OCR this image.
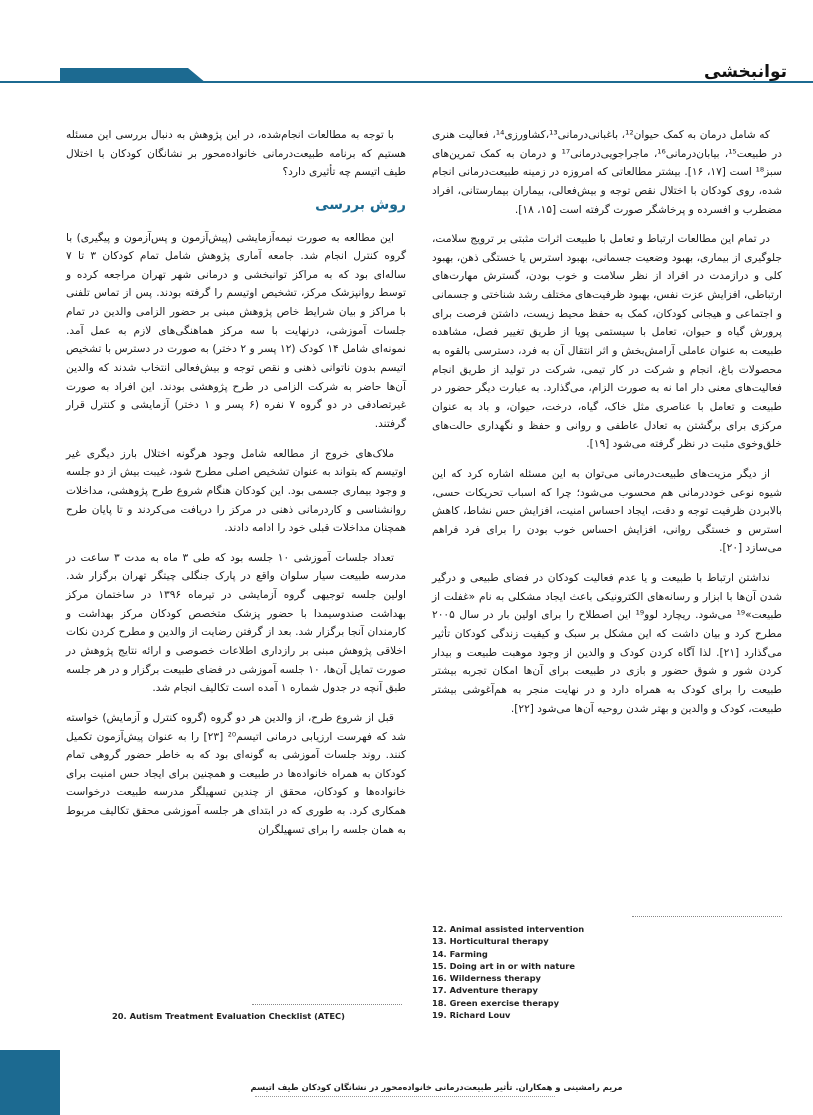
توانبخشی

که شامل درمان به کمک حیوان¹²، باغبانی‌درمانی¹³،کشاورزی¹⁴، فعالیت هنری در طبیعت¹⁵، بیابان‌درمانی¹⁶، ماجراجویی‌درمانی¹⁷ و درمان به کمک تمرین‌های سبز¹⁸ است [۱۷، ۱۶]. بیشتر مطالعاتی که امروزه در زمینه طبیعت‌درمانی انجام شده، روی کودکان با اختلال نقص توجه و بیش‌فعالی، بیماران بیمارستانی، افراد مضطرب و افسرده و پرخاشگر صورت گرفته است [۱۵، ۱۸].

در تمام این مطالعات ارتباط و تعامل با طبیعت اثرات مثبتی بر ترویج سلامت، جلوگیری از بیماری، بهبود وضعیت جسمانی، بهبود استرس یا خستگی ذهن، بهبود کلی و درازمدت در افراد از نظر سلامت و خوب بودن، گسترش مهارت‌های ارتباطی، افزایش عزت نفس، بهبود ظرفیت‌های مختلف رشد شناختی و جسمانی و اجتماعی و هیجانی کودکان، کمک به حفظ محیط زیست، داشتن فرصت برای پرورش گیاه و حیوان، تعامل با سیستمی پویا از طریق تغییر فصل، مشاهده طبیعت به عنوان عاملی آرامش‌بخش و اثر انتقال آن به فرد، دسترسی بالقوه به محصولات باغ، انجام و شرکت در کار تیمی، شرکت در تولید از طریق انجام فعالیت‌های معنی دار اما نه به صورت الزام، می‌گذارد. به عبارت دیگر حضور در طبیعت و تعامل با عناصری مثل خاک، گیاه، درخت، حیوان، و باد به عنوان مرکزی برای برگشتن به تعادل عاطفی و روانی و حفظ و نگهداری حالت‌های خلق‌وخوی مثبت در نظر گرفته می‌شود [۱۹].

از دیگر مزیت‌های طبیعت‌درمانی می‌توان به این مسئله اشاره کرد که این شیوه نوعی خوددرمانی هم محسوب می‌شود؛ چرا که اسباب تحریکات حسی، بالابردن ظرفیت توجه و دقت، ایجاد احساس امنیت، افزایش حس نشاط، کاهش استرس و خستگی روانی، افزایش احساس خوب بودن را برای فرد فراهم می‌سازد [۲۰].

نداشتن ارتباط با طبیعت و یا عدم فعالیت کودکان در فضای طبیعی و درگیر شدن آن‌ها با ابزار و رسانه‌های الکترونیکی باعث ایجاد مشکلی به نام «غفلت از طبیعت»¹⁹ می‌شود. ریچارد لوو¹⁹ این اصطلاح را برای اولین بار در سال ۲۰۰۵ مطرح کرد و بیان داشت که این مشکل بر سبک و کیفیت زندگی کودکان تأثیر می‌گذارد [۲۱]. لذا آگاه کردن کودک و والدین از وجود موهبت طبیعت و بیدار کردن شور و شوق حضور و بازی در طبیعت برای آن‌ها امکان تجربه بیشتر طبیعت را برای کودک به همراه دارد و در نهایت منجر به هم‌آغوشی بیشتر طبیعت، کودک و والدین و بهتر شدن روحیه آن‌ها می‌شود [۲۲].

12. Animal assisted intervention
13. Horticultural therapy
14. Farming
15. Doing art in or with nature
16. Wilderness therapy
17. Adventure therapy
18. Green exercise therapy
19. Richard Louv

با توجه به مطالعات انجام‌شده، در این پژوهش به دنبال بررسی این مسئله هستیم که برنامه طبیعت‌درمانی خانواده‌محور بر نشانگان کودکان با اختلال طیف اتیسم چه تأثیری دارد؟

روش بررسی

این مطالعه به صورت نیمه‌آزمایشی (پیش‌آزمون و پس‌آزمون و پیگیری) با گروه کنترل انجام شد. جامعه آماری پژوهش شامل تمام کودکان ۳ تا ۷ ساله‌ای بود که به مراکز توانبخشی و درمانی شهر تهران مراجعه کرده و توسط روانپزشک مرکز، تشخیص اوتیسم را گرفته بودند. پس از تماس تلفنی با مراکز و بیان شرایط خاص پژوهش مبنی بر حضور الزامی والدین در تمام جلسات آموزشی، درنهایت با سه مرکز هماهنگی‌های لازم به عمل آمد. نمونه‌ای شامل ۱۴ کودک (۱۲ پسر و ۲ دختر) به صورت در دسترس با تشخیص اتیسم بدون ناتوانی ذهنی و نقص توجه و بیش‌فعالی انتخاب شدند که والدین آن‌ها حاضر به شرکت الزامی در طرح پژوهشی بودند. این افراد به صورت غیرتصادفی در دو گروه ۷ نفره (۶ پسر و ۱ دختر) آزمایشی و کنترل قرار گرفتند.

ملاک‌های خروج از مطالعه شامل وجود هرگونه اختلال بارز دیگری غیر اوتیسم که بتواند به عنوان تشخیص اصلی مطرح شود، غیبت بیش از دو جلسه و وجود بیماری جسمی بود. این کودکان هنگام شروع طرح پژوهشی، مداخلات روانشناسی و کاردرمانی ذهنی در مرکز را دریافت می‌کردند و تا پایان طرح همچنان مداخلات قبلی خود را ادامه دادند.

تعداد جلسات آموزشی ۱۰ جلسه بود که طی ۳ ماه به مدت ۳ ساعت در مدرسه طبیعت سیار سلوان واقع در پارک جنگلی چیتگر تهران برگزار شد. اولین جلسه توجیهی گروه آزمایشی در تیرماه ۱۳۹۶ در ساختمان مرکز بهداشت صندوسیمدا با حضور پزشک متخصص کودکان مرکز بهداشت و کارمندان آنجا برگزار شد. بعد از گرفتن رضایت از والدین و مطرح کردن نکات اخلاقی پژوهش مبنی بر رازداری اطلاعات خصوصی و ارائه نتایج پژوهش در صورت تمایل آن‌ها، ۱۰ جلسه آموزشی در فضای طبیعت برگزار و در هر جلسه طبق آنچه در جدول شماره ۱ آمده است تکالیف انجام شد.

قبل از شروع طرح، از والدین هر دو گروه (گروه کنترل و آزمایش) خواسته شد که فهرست ارزیابی درمانی اتیسم²⁰ [۲۳] را به عنوان پیش‌آزمون تکمیل کنند. روند جلسات آموزشی به گونه‌ای بود که به خاطر حضور گروهی تمام کودکان به همراه خانواده‌ها در طبیعت و همچنین برای ایجاد حس امنیت برای خانواده‌ها و کودکان، محقق از چندین تسهیلگر مدرسه طبیعت درخواست همکاری کرد. به طوری که در ابتدای هر جلسه آموزشی محقق تکالیف مربوط به همان جلسه را برای تسهیلگران

20. Autism Treatment Evaluation Checklist (ATEC)
مریم رامشینی و همکاران. تأثیر طبیعت‌درمانی خانواده‌محور در نشانگان کودکان طیف اتیسم
